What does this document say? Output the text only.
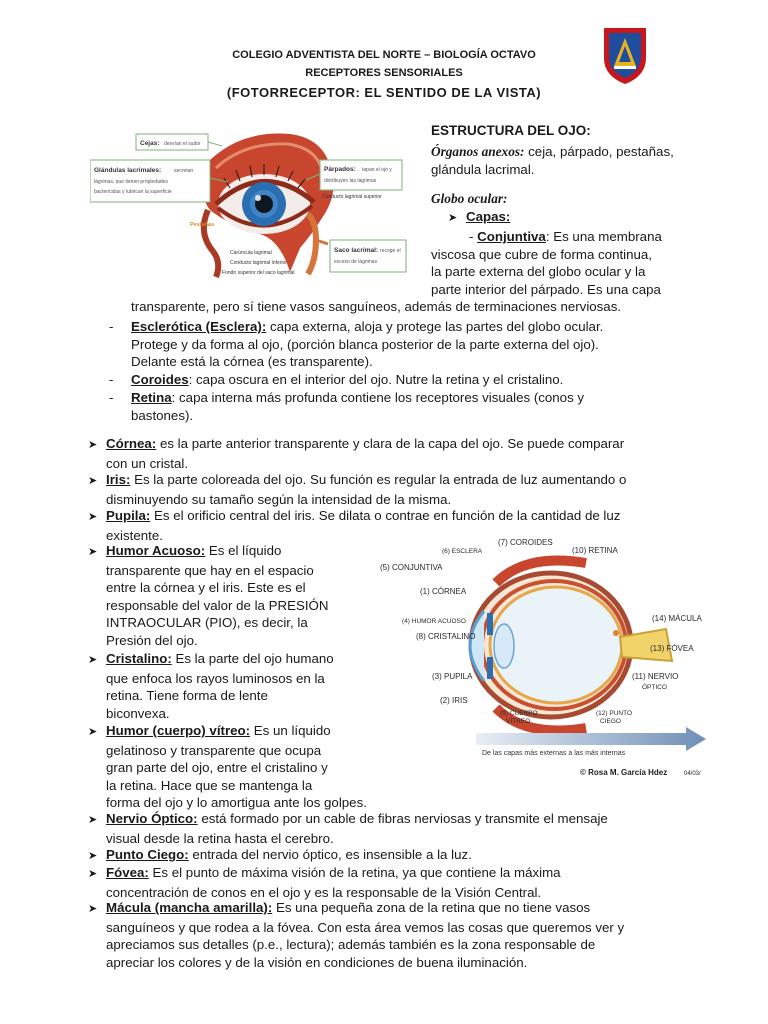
COLEGIO ADVENTISTA DEL NORTE – BIOLOGÍA OCTAVO
RECEPTORES SENSORIALES
(FOTORRECEPTOR: EL SENTIDO DE LA VISTA)
Cejas: desvían el sudor
Glándulas lacrimales:	secretan
lágrimas, que tienen propiedades
bactericidas y lubrican la superficie
Párpados: tapan el ojo y
distribuyen las lágrimas
Conducto lagrimal superior
Pestañas
Carúncula lagrimal
Conducto lagrimal inferior
Fondo superior del saco lagrimal
Saco lacrimal: recoge el
exceso de lágrimas
ESTRUCTURA DEL OJO:
Órganos anexos: ceja, párpado, pestañas,
glándula lacrimal.
Globo ocular:
➤ Capas:
- Conjuntiva: Es una membrana
viscosa que cubre de forma continua,
la parte externa del globo ocular y la
parte interior del párpado. Es una capa
transparente, pero sí tiene vasos sanguíneos, además de terminaciones nerviosas.
- Esclerótica (Esclera): capa externa, aloja y protege las partes del globo ocular.
Protege y da forma al ojo, (porción blanca posterior de la parte externa del ojo).
Delante está la córnea (es transparente).
- Coroides: capa oscura en el interior del ojo. Nutre la retina y el cristalino.
- Retina: capa interna más profunda contiene los receptores visuales (conos y
bastones).
➤ Córnea: es la parte anterior transparente y clara de la capa del ojo. Se puede comparar
con un cristal.
➤ Iris: Es la parte coloreada del ojo. Su función es regular la entrada de luz aumentando o
disminuyendo su tamaño según la intensidad de la misma.
➤ Pupila: Es el orificio central del iris. Se dilata o contrae en función de la cantidad de luz
existente.
➤ Humor Acuoso: Es el líquido
transparente que hay en el espacio
entre la córnea y el iris. Este es el
responsable del valor de la PRESIÓN
INTRAOCULAR (PIO), es decir, la
Presión del ojo.
➤ Cristalino: Es la parte del ojo humano
que enfoca los rayos luminosos en la
retina. Tiene forma de lente
biconvexa.
➤ Humor (cuerpo) vítreo: Es un líquido
gelatinoso y transparente que ocupa
gran parte del ojo, entre el cristalino y
la retina. Hace que se mantenga la
forma del ojo y lo amortigua ante los golpes.
(7) COROIDES
(6) ESCLERA	(10) RETINA
(5) CONJUNTIVA
(1) CÓRNEA
(4) HUMOR ACUOSO
(8) CRISTALINO
(14) MÁCULA
(13) FÓVEA
(11) NERVIO
ÓPTICO
(3) PUPILA
(2) IRIS
(9) CUERPO
VÍTREO
(12) PUNTO
CIEGO
De las capas más externas a las más internas
© Rosa M. García Hdez	04/03/
➤ Nervio Óptico: está formado por un cable de fibras nerviosas y transmite el mensaje
visual desde la retina hasta el cerebro.
➤ Punto Ciego: entrada del nervio óptico, es insensible a la luz.
➤ Fóvea: Es el punto de máxima visión de la retina, ya que contiene la máxima
concentración de conos en el ojo y es la responsable de la Visión Central.
➤ Mácula (mancha amarilla): Es una pequeña zona de la retina que no tiene vasos
sanguíneos y que rodea a la fóvea. Con esta área vemos las cosas que queremos ver y
apreciamos sus detalles (p.e., lectura); además también es la zona responsable de
apreciar los colores y de la visión en condiciones de buena iluminación.
